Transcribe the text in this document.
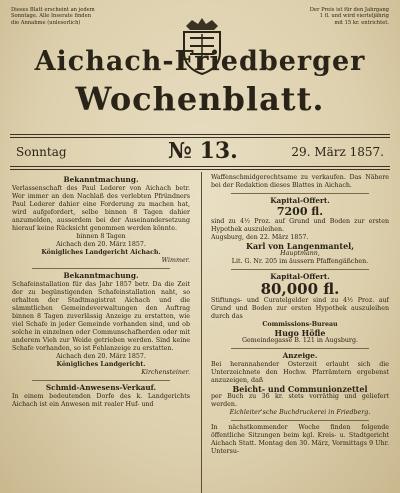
Dieses Blatt erscheint an jedem
Sonntage. Alle Inserate finden
die Annahme (unleserlich)
Der Preis ist für den Jahrgang
1 fl. und wird vierteljährig
mit 15 kr. entrichtet.
Aichach-Friedberger
Wochenblatt.
Sonntag	№ 13.	29. März 1857.
Bekanntmachung.

Verlassenschaft des Paul Lederer von Aichach betr. Wer immer an den Nachlaß des verlebten Pfründners Paul Lederer dahier eine Forderung zu machen hat, wird aufgefordert, selbe binnen 8 Tagen dahier anzumelden, ausserdem bei der Auseinandersetzung hierauf keine Rücksicht genommen werden könnte.

binnen 8 Tagen

Aichach den 20. März 1857.

Königliches Landgericht Aichach.

Wimmer.

Bekanntmachung.

Schafeinstallation für das Jahr 1857 betr. Da die Zeit der zu begünstigenden Schafeinstallation naht, so erhalten der Stadtmagistrat Aichach und die sämmtlichen Gemeindeverwaltungen den Auftrag binnen 8 Tagen zuverlässig Anzeige zu erstatten, wie viel Schafe in jeder Gemeinde vorhanden sind, und ob solche in einzelnen oder Communschafherden oder mit anderem Vieh zur Weide getrieben werden. Sind keine Schafe vorhanden, so ist Fehlanzeige zu erstatten.

Aichach den 20. März 1857.

Königliches Landgericht.

Kirchensteiner.

Schmid-Anwesens-Verkauf.

In einem bedeutenden Dorfe des k. Landgerichts Aichach ist ein Anwesen mit realer Huf- und

Waffenschmidgerechtsame zu verkaufen. Das Nähere bei der Redaktion dieses Blattes in Aichach.

Kapital-Offert.
7200 fl.

sind zu 4½ Proz. auf Grund und Boden zur ersten Hypothek auszuleihen.

Augsburg, den 22. März 1857.

Karl von Langenmantel,

Hauptmann,

Lit. G. Nr. 205 im äussern Pfaffengäßchen.

Kapital-Offert.
80,000 fl.

Stiftungs- und Curatelgelder sind zu 4½ Proz. auf Grund und Boden zur ersten Hypothek auszuleihen durch das

Commissions-Bureau

Hugo Höfle

Gemeindegasse B. 121 in Augsburg.

Anzeige.

Bei herannahender Osterzeit erlaubt sich die Unterzeichnete den Hochw. Pfarrämtern ergebenst anzuzeigen, daß

Beicht- und Communionzettel

per Buch zu 36 kr. stets vorräthig und geliefert werden.

Eichleiter'sche Buchdruckerei in Friedberg.

In nächstkommender Woche finden folgende öffentliche Sitzungen beim kgl. Kreis- u. Stadtgericht Aichach Statt. Montag den 30. März, Vormittags 9 Uhr. Untersu-
